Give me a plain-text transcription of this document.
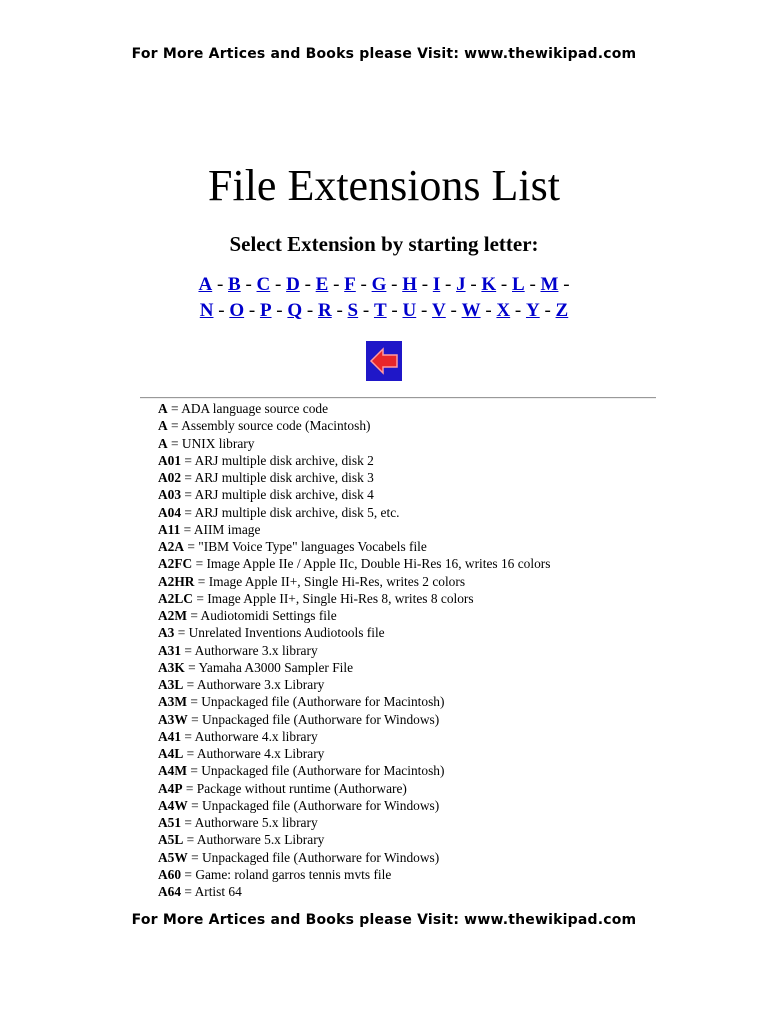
For More Artices and Books please Visit: www.thewikipad.com
File Extensions List
Select Extension by starting letter:
A - B - C - D - E - F - G - H - I - J - K - L - M -
N - O - P - Q - R - S - T - U - V - W - X - Y - Z
A = ADA language source code
A = Assembly source code (Macintosh)
A = UNIX library
A01 = ARJ multiple disk archive, disk 2
A02 = ARJ multiple disk archive, disk 3
A03 = ARJ multiple disk archive, disk 4
A04 = ARJ multiple disk archive, disk 5, etc.
A11 = AIIM image
A2A = "IBM Voice Type" languages Vocabels file
A2FC = Image Apple IIe / Apple IIc, Double Hi-Res 16, writes 16 colors
A2HR = Image Apple II+, Single Hi-Res, writes 2 colors
A2LC = Image Apple II+, Single Hi-Res 8, writes 8 colors
A2M = Audiotomidi Settings file
A3 = Unrelated Inventions Audiotools file
A31 = Authorware 3.x library
A3K = Yamaha A3000 Sampler File
A3L = Authorware 3.x Library
A3M = Unpackaged file (Authorware for Macintosh)
A3W = Unpackaged file (Authorware for Windows)
A41 = Authorware 4.x library
A4L = Authorware 4.x Library
A4M = Unpackaged file (Authorware for Macintosh)
A4P = Package without runtime (Authorware)
A4W = Unpackaged file (Authorware for Windows)
A51 = Authorware 5.x library
A5L = Authorware 5.x Library
A5W = Unpackaged file (Authorware for Windows)
A60 = Game: roland garros tennis mvts file
A64 = Artist 64
For More Artices and Books please Visit: www.thewikipad.com
